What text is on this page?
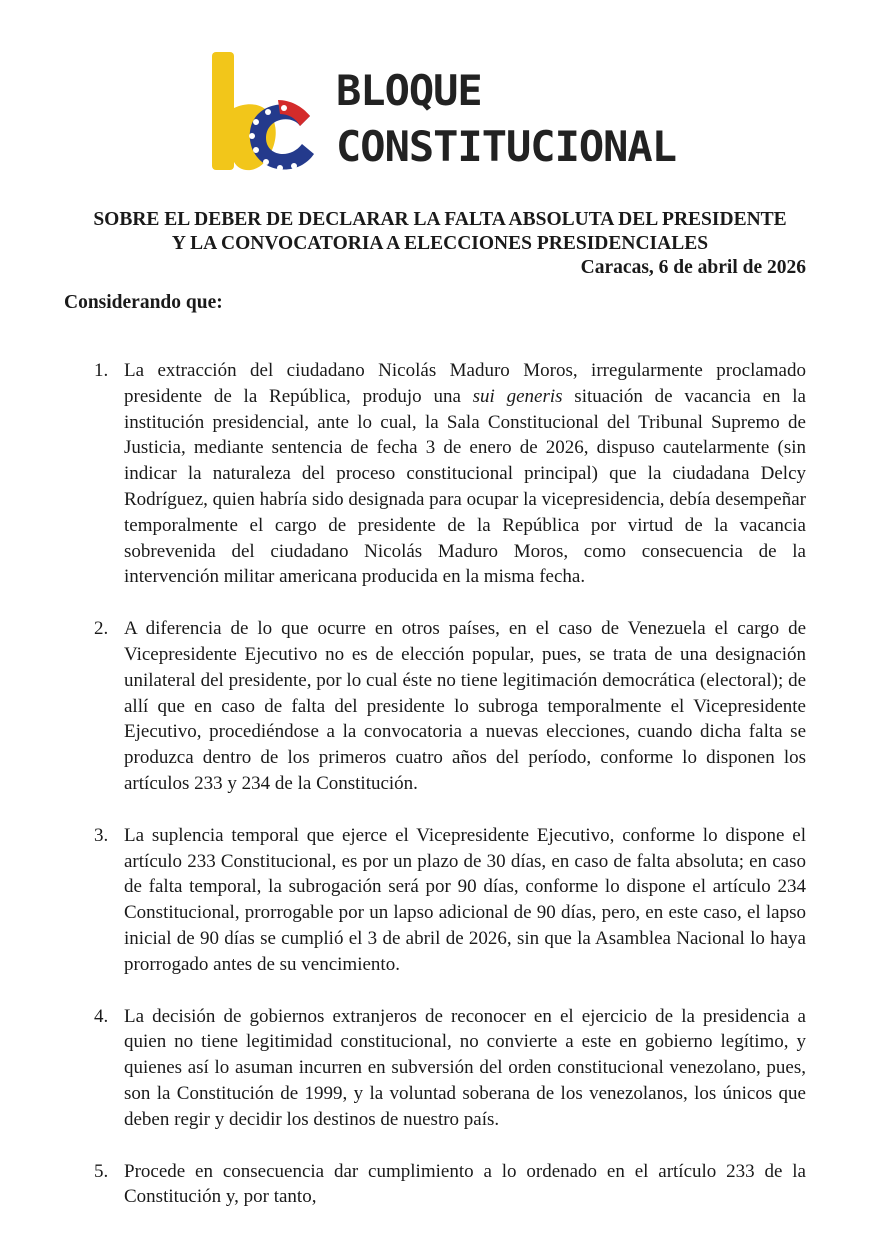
BLOQUE
CONSTITUCIONAL
SOBRE EL DEBER DE DECLARAR LA FALTA ABSOLUTA DEL PRESIDENTE
Y LA CONVOCATORIA A ELECCIONES PRESIDENCIALES
Caracas, 6 de abril de 2026
Considerando que:
1. La extracción del ciudadano Nicolás Maduro Moros, irregularmente proclamado presidente de la República, produjo una sui generis situación de vacancia en la institución presidencial, ante lo cual, la Sala Constitucional del Tribunal Supremo de Justicia, mediante sentencia de fecha 3 de enero de 2026, dispuso cautelarmente (sin indicar la naturaleza del proceso constitucional principal) que la ciudadana Delcy Rodríguez, quien habría sido designada para ocupar la vicepresidencia, debía desempeñar temporalmente el cargo de presidente de la República por virtud de la vacancia sobrevenida del ciudadano Nicolás Maduro Moros, como consecuencia de la intervención militar americana producida en la misma fecha.
2. A diferencia de lo que ocurre en otros países, en el caso de Venezuela el cargo de Vicepresidente Ejecutivo no es de elección popular, pues, se trata de una designación unilateral del presidente, por lo cual éste no tiene legitimación democrática (electoral); de allí que en caso de falta del presidente lo subroga temporalmente el Vicepresidente Ejecutivo, procediéndose a la convocatoria a nuevas elecciones, cuando dicha falta se produzca dentro de los primeros cuatro años del período, conforme lo disponen los artículos 233 y 234 de la Constitución.
3. La suplencia temporal que ejerce el Vicepresidente Ejecutivo, conforme lo dispone el artículo 233 Constitucional, es por un plazo de 30 días, en caso de falta absoluta; en caso de falta temporal, la subrogación será por 90 días, conforme lo dispone el artículo 234 Constitucional, prorrogable por un lapso adicional de 90 días, pero, en este caso, el lapso inicial de 90 días se cumplió el 3 de abril de 2026, sin que la Asamblea Nacional lo haya prorrogado antes de su vencimiento.
4. La decisión de gobiernos extranjeros de reconocer en el ejercicio de la presidencia a quien no tiene legitimidad constitucional, no convierte a este en gobierno legítimo, y quienes así lo asuman incurren en subversión del orden constitucional venezolano, pues, son la Constitución de 1999, y la voluntad soberana de los venezolanos, los únicos que deben regir y decidir los destinos de nuestro país.
5. Procede en consecuencia dar cumplimiento a lo ordenado en el artículo 233 de la Constitución y, por tanto,
